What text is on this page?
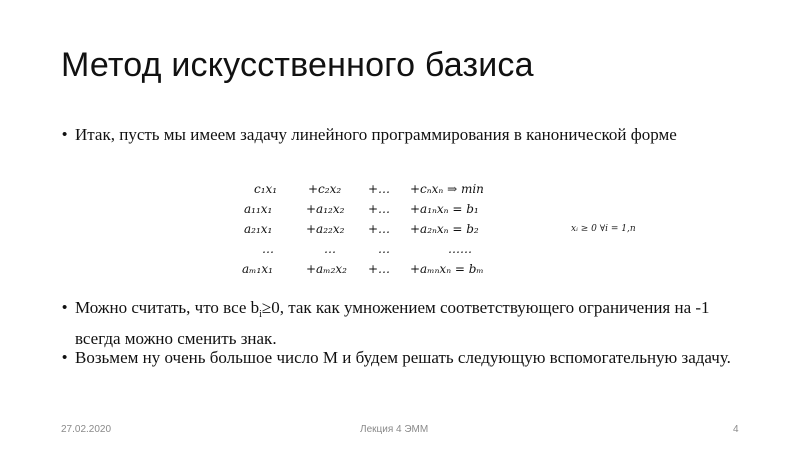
Метод искусственного базиса
• Итак, пусть мы имеем задачу линейного программирования в канонической форме
c₁x₁	+c₂x₂ +… +cₙxₙ ⇒ min
a₁₁x₁	+a₁₂x₂ +… +a₁ₙxₙ = b₁
a₂₁x₁	+a₂₂x₂ +… +a₂ₙxₙ = b₂
…	…	…	……
aₘ₁x₁	+aₘ₂x₂ +… +aₘₙxₙ = bₘ
xᵢ ≥ 0 ∀i = 1,n
• Можно считать, что все $b_i\ge 0$, так как умножением соответствующего ограничения на -1 всегда можно сменить знак.
• Возьмем ну очень большое число M и будем решать следующую вспомогательную задачу.
27.02.2020	Лекция 4 ЭММ	4
